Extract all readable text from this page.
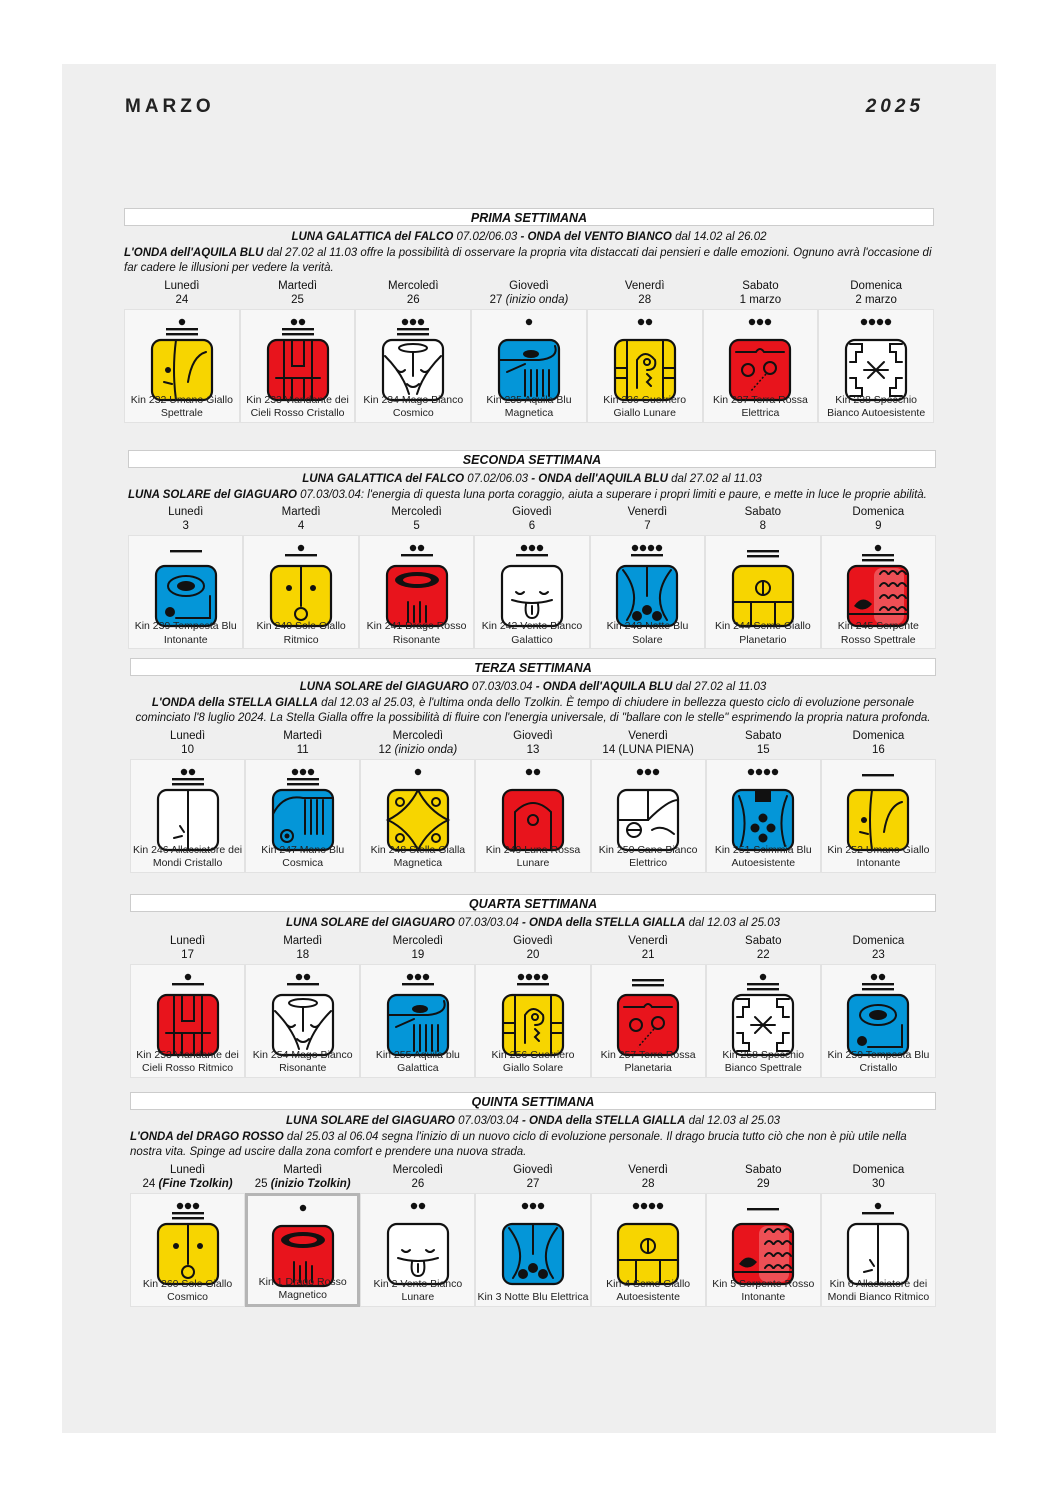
MARZO	2025
PRIMA SETTIMANA
LUNA GALATTICA del FALCO 07.02/06.03 - ONDA del VENTO BIANCO dal 14.02 al 26.02
L'ONDA dell'AQUILA BLU dal 27.02 al 11.03 offre la possibilità di osservare la propria vita distaccati dai pensieri e dalle emozioni. Ognuno avrà l'occasione di far cadere le illusioni per vedere la verità.
Lunedì
24
Martedì
25
Mercoledì
26
Giovedì
27 (inizio onda)
Venerdì
28
Sabato
1 marzo
Domenica
2 marzo
Kin 232 Umano Giallo Spettrale
Kin 233 Viandante dei Cieli Rosso Cristallo
Kin 234 Mago Bianco Cosmico
Kin 235 Aquila Blu Magnetica
Kin 236 Guerriero Giallo Lunare
Kin 237 Terra Rossa Elettrica
Kin 238 Specchio Bianco Autoesistente
SECONDA SETTIMANA
LUNA GALATTICA del FALCO 07.02/06.03 - ONDA dell'AQUILA BLU dal 27.02 al 11.03
LUNA SOLARE del GIAGUARO 07.03/03.04: l'energia di questa luna porta coraggio, aiuta a superare i propri limiti e paure, e mette in luce le proprie abilità.
Lunedì
3
Martedì
4
Mercoledì
5
Giovedì
6
Venerdì
7
Sabato
8
Domenica
9
Kin 239 Tempesta Blu Intonante
Kin 240 Sole Giallo Ritmico
Kin 241 Drago Rosso Risonante
Kin 242 Vento Bianco Galattico
Kin 243 Notte Blu Solare
Kin 244 Seme Giallo Planetario
Kin 245 Serpente Rosso Spettrale
TERZA SETTIMANA
LUNA SOLARE del GIAGUARO 07.03/03.04 - ONDA dell'AQUILA BLU dal 27.02 al 11.03
L'ONDA della STELLA GIALLA dal 12.03 al 25.03, è l'ultima onda dello Tzolkin. È tempo di chiudere in bellezza questo ciclo di evoluzione personale cominciato l'8 luglio 2024. La Stella Gialla offre la possibilità di fluire con l'energia universale, di "ballare con le stelle" esprimendo la propria natura profonda.
Lunedì
10
Martedì
11
Mercoledì
12 (inizio onda)
Giovedì
13
Venerdì
14 (LUNA PIENA)
Sabato
15
Domenica
16
Kin 246 Allacciatore dei Mondi Cristallo
Kin 247 Mano Blu Cosmica
Kin 248 Stella Gialla Magnetica
Kin 249 Luna Rossa Lunare
Kin 250 Cane Bianco Elettrico
Kin 251 Scimmia Blu Autoesistente
Kin 252 Umano Giallo Intonante
QUARTA SETTIMANA
LUNA SOLARE del GIAGUARO 07.03/03.04 - ONDA della STELLA GIALLA dal 12.03 al 25.03
Lunedì
17
Martedì
18
Mercoledì
19
Giovedì
20
Venerdì
21
Sabato
22
Domenica
23
Kin 253 Viandante dei Cieli Rosso Ritmico
Kin 254 Mago Bianco Risonante
Kin 255 Aquila blu Galattica
Kin 256 Guerriero Giallo Solare
Kin 257 Terra Rossa Planetaria
Kin 258 Specchio Bianco Spettrale
Kin 259 Tempesta Blu Cristallo
QUINTA SETTIMANA
LUNA SOLARE del GIAGUARO 07.03/03.04 - ONDA della STELLA GIALLA dal 12.03 al 25.03
L'ONDA del DRAGO ROSSO dal 25.03 al 06.04 segna l'inizio di un nuovo ciclo di evoluzione personale. Il drago brucia tutto ciò che non è più utile nella nostra vita. Spinge ad uscire dalla zona comfort e prendere una nuova strada.
Lunedì
24 (Fine Tzolkin)
Martedì
25 (inizio Tzolkin)
Mercoledì
26
Giovedì
27
Venerdì
28
Sabato
29
Domenica
30
Kin 260 Sole Giallo Cosmico
Kin 1 Drago Rosso Magnetico
Kin 2 Vento Bianco Lunare	Kin 3 Notte Blu Elettrica
Kin 4 Seme Giallo Autoesistente
Kin 5 Serpente Rosso Intonante
Kin 6 Allacciatore dei Mondi Bianco Ritmico
